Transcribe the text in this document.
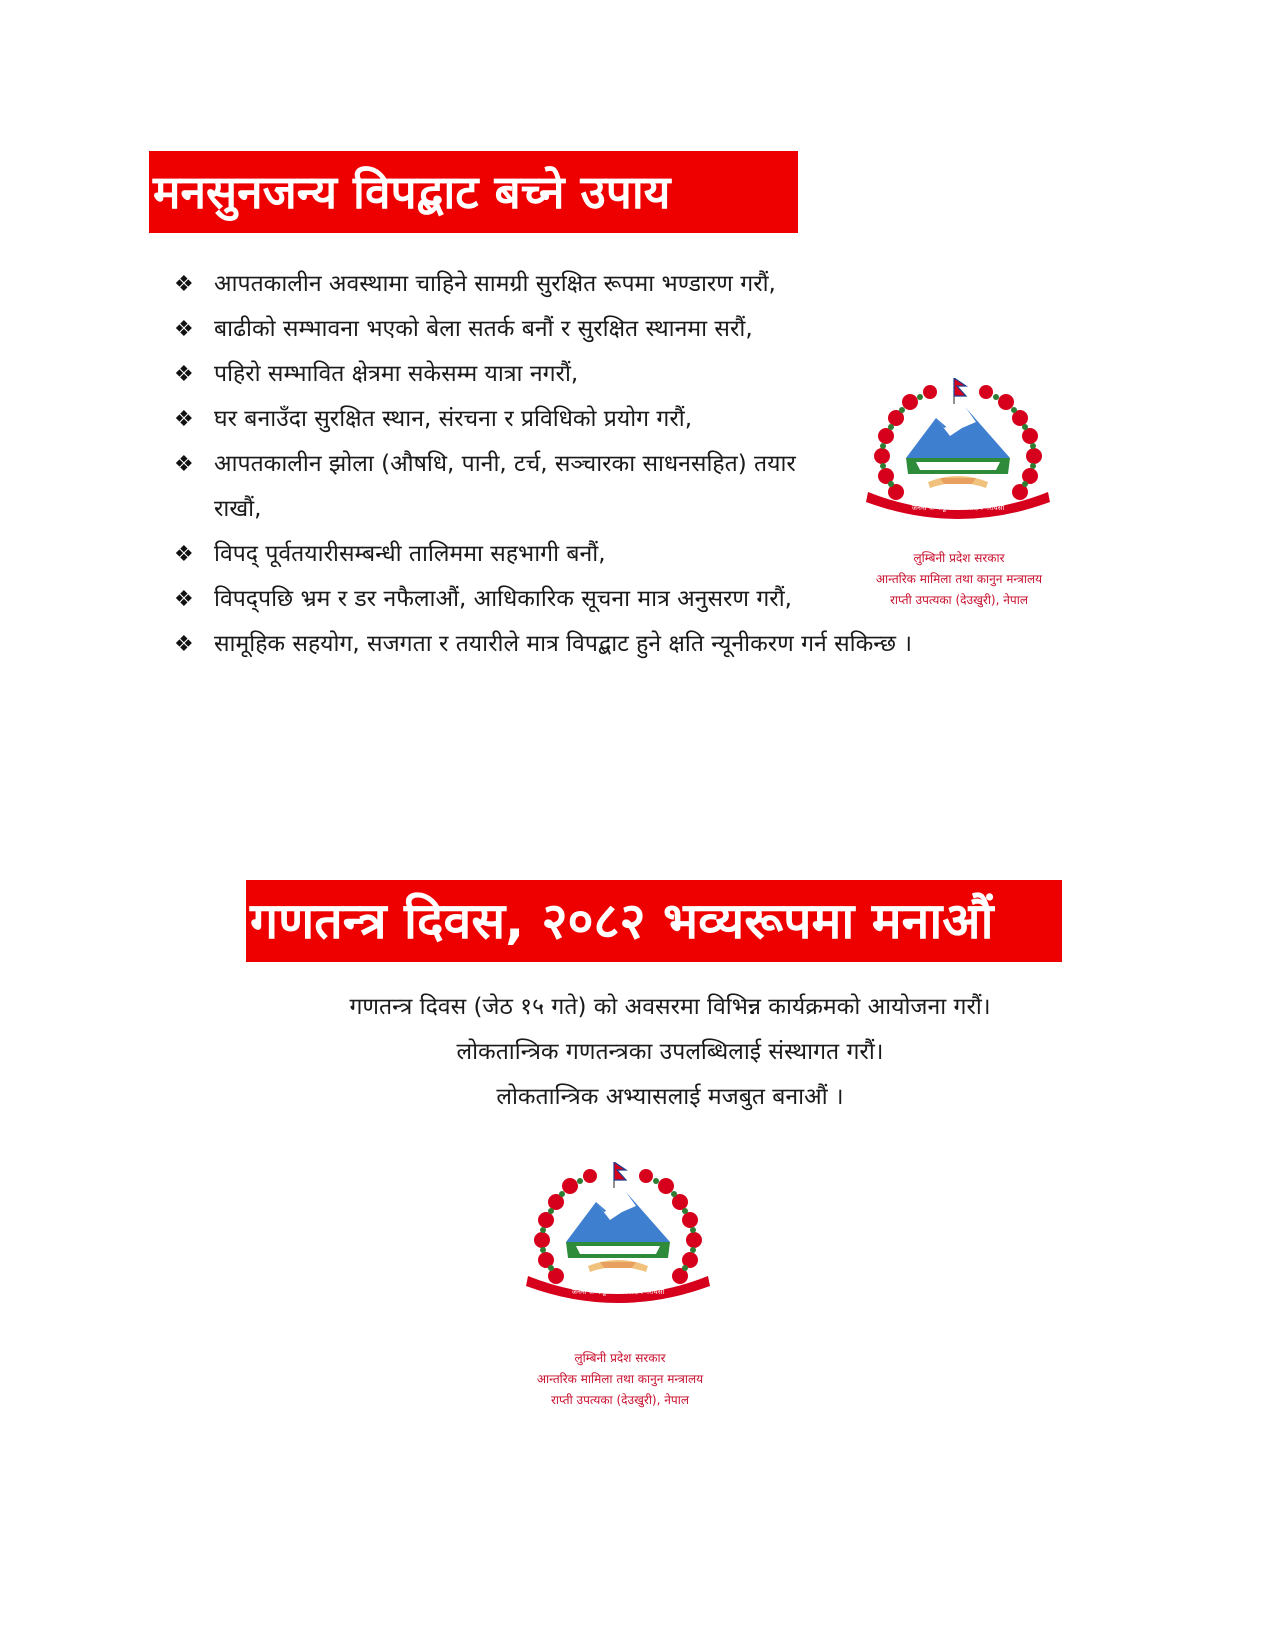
मनसुनजन्य विपद्बाट बच्ने उपाय
❖ आपतकालीन अवस्थामा चाहिने सामग्री सुरक्षित रूपमा भण्डारण गरौं,
❖ बाढीको सम्भावना भएको बेला सतर्क बनौं र सुरक्षित स्थानमा सरौं,
❖ पहिरो सम्भावित क्षेत्रमा सकेसम्म यात्रा नगरौं,
❖ घर बनाउँदा सुरक्षित स्थान, संरचना र प्रविधिको प्रयोग गरौं,
❖ आपतकालीन झोला (औषधि, पानी, टर्च, सञ्चारका साधनसहित) तयार राखौं,
❖ विपद् पूर्वतयारीसम्बन्धी तालिममा सहभागी बनौं,
❖ विपद्पछि भ्रम र डर नफैलाऔं, आधिकारिक सूचना मात्र अनुसरण गरौं,
❖ सामूहिक सहयोग, सजगता र तयारीले मात्र विपद्बाट हुने क्षति न्यूनीकरण गर्न सकिन्छ ।
जननी जन्मभूमिश्च स्वर्गादपि गरीयसी
लुम्बिनी प्रदेश सरकार
आन्तरिक मामिला तथा कानुन मन्त्रालय
राप्ती उपत्यका (देउखुरी), नेपाल
गणतन्त्र दिवस, २०८२ भव्यरूपमा मनाऔं
गणतन्त्र दिवस (जेठ १५ गते) को अवसरमा विभिन्न कार्यक्रमको आयोजना गरौं।
लोकतान्त्रिक गणतन्त्रका उपलब्धिलाई संस्थागत गरौं।
लोकतान्त्रिक अभ्यासलाई मजबुत बनाऔं ।
जननी जन्मभूमिश्च स्वर्गादपि गरीयसी
लुम्बिनी प्रदेश सरकार
आन्तरिक मामिला तथा कानुन मन्त्रालय
राप्ती उपत्यका (देउखुरी), नेपाल
